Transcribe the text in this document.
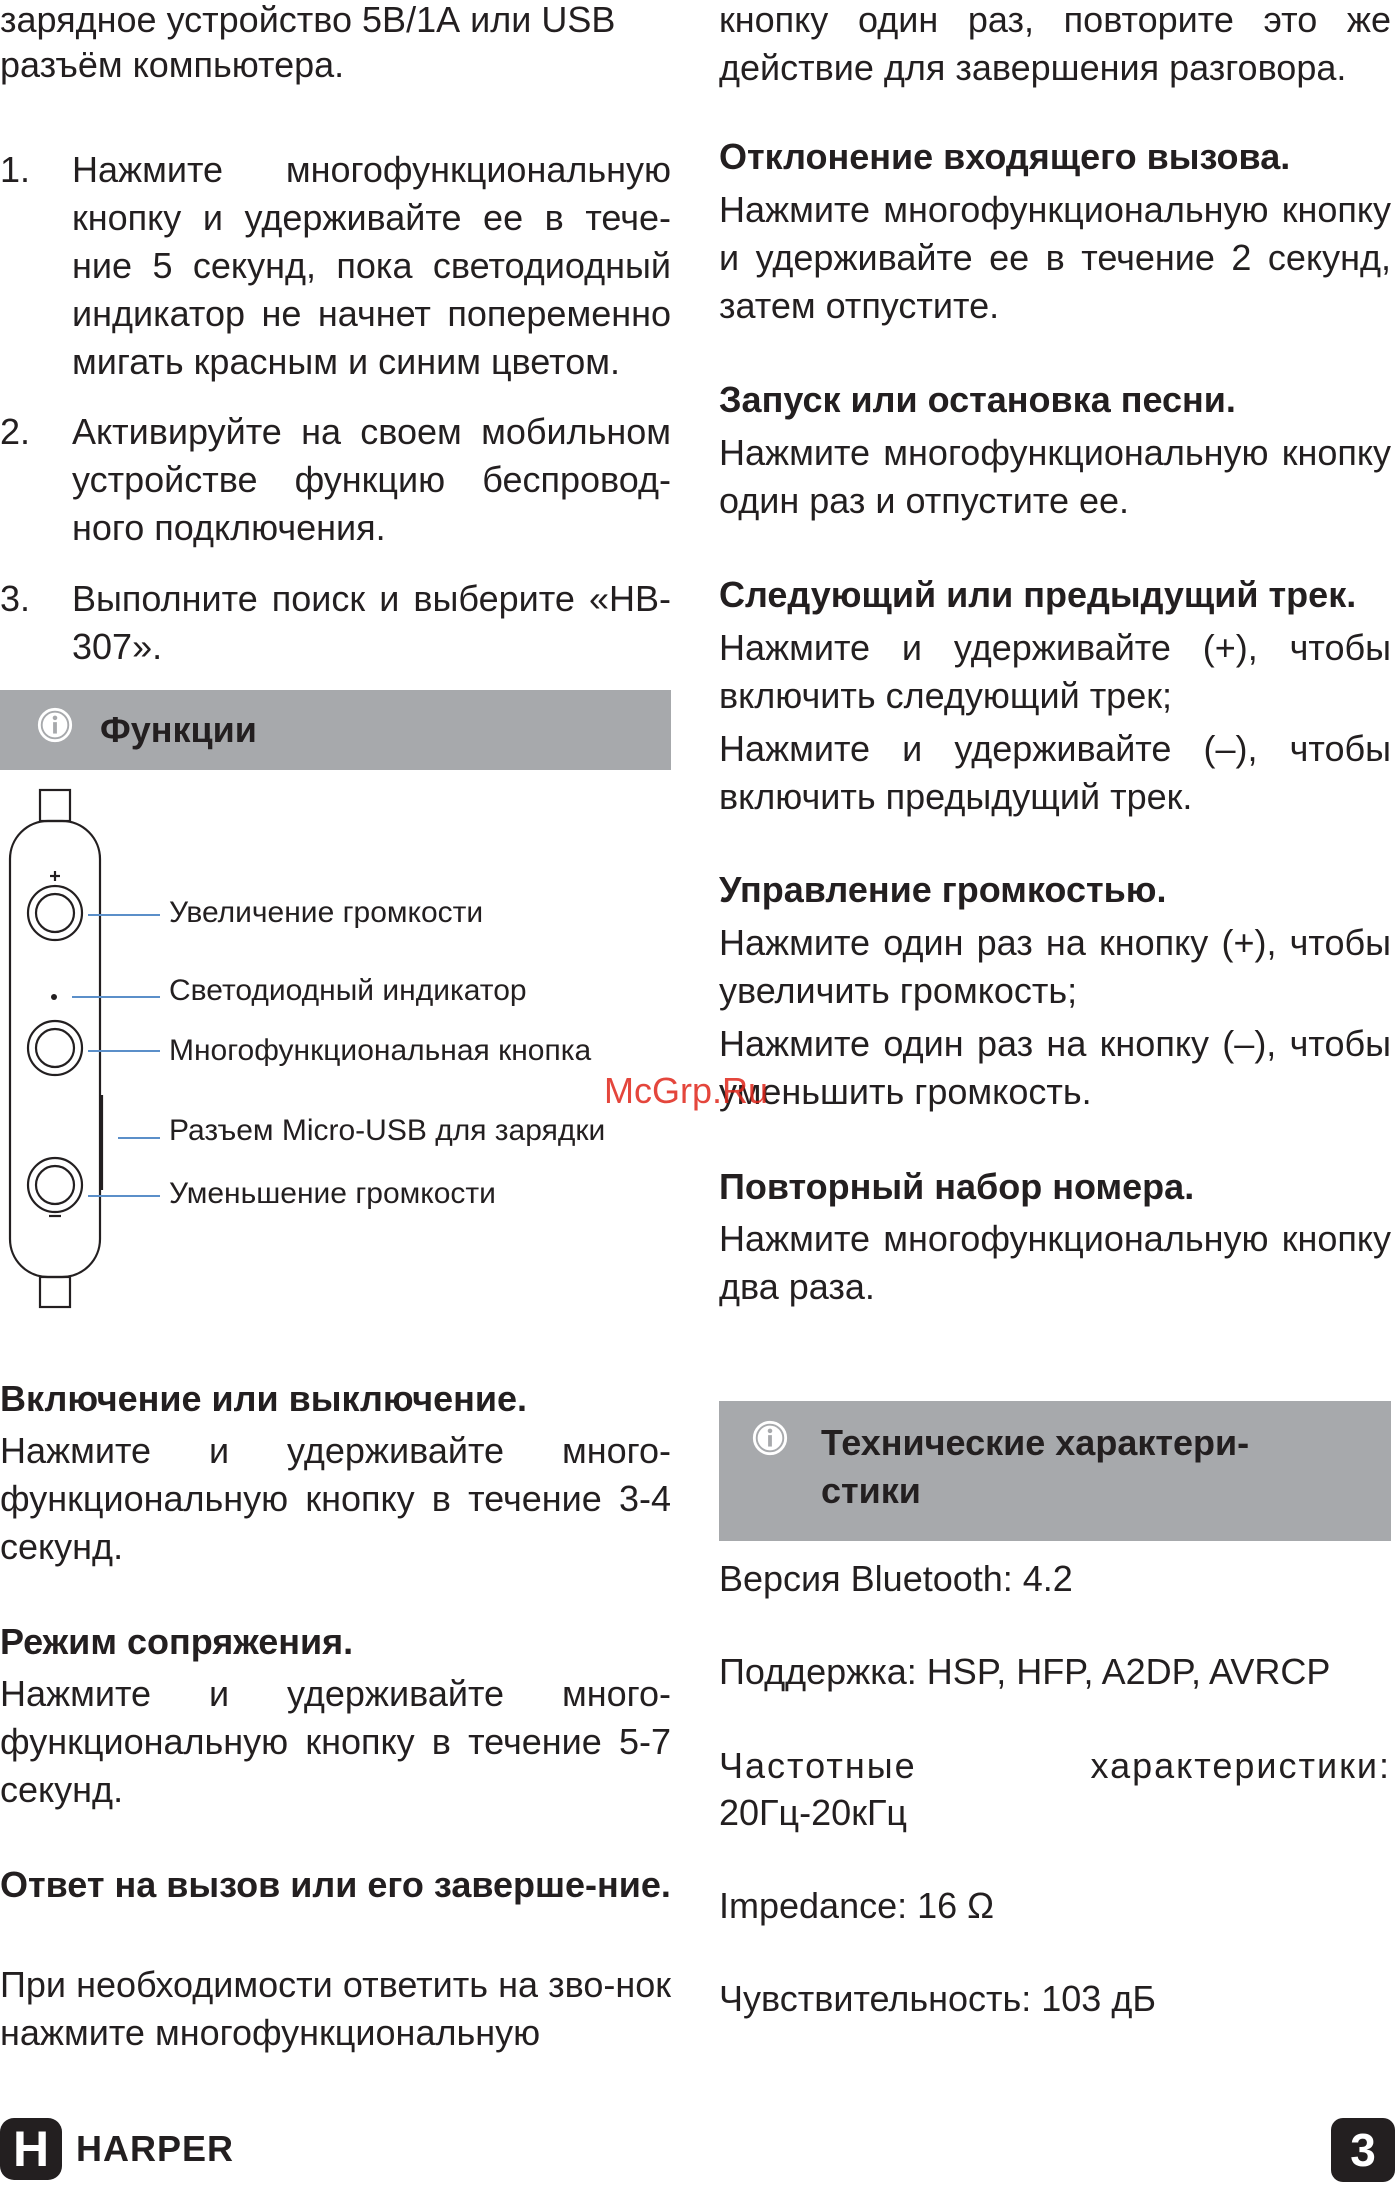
зарядное устройство 5В/1А или USB

разъём компьютера.

1. Нажмите многофункциональную кнопку и удерживайте ее в тече-ние 5 секунд, пока светодиодный индикатор не начнет попеременно мигать красным и синим цветом.

2. Активируйте на своем мобильном устройстве функцию беспровод-ного подключения.

3. Выполните поиск и выберите «HB-307».

Функции
Увеличение громкости
Светодиодный индикатор
Многофункциональная кнопка
Разъем Micro-USB для зарядки
Уменьшение громкости

Включение или выключение.

Нажмите и удерживайте много-функциональную кнопку в течение 3-4 секунд.

Режим сопряжения.

Нажмите и удерживайте много-функциональную кнопку в течение 5-7 секунд.

Ответ на вызов или его заверше-ние.

При необходимости ответить на зво-нок нажмите многофункциональную

кнопку один раз, повторите это же действие для завершения разговора.

Отклонение входящего вызова.

Нажмите многофункциональную кнопку и удерживайте ее в течение 2 секунд, затем отпустите.

Запуск или остановка песни.

Нажмите многофункциональную кнопку один раз и отпустите ее.

Следующий или предыдущий трек.

Нажмите и удерживайте (+), чтобы включить следующий трек;

Нажмите и удерживайте (–), чтобы включить предыдущий трек.

Управление громкостью.

Нажмите один раз на кнопку (+), чтобы увеличить громкость;

Нажмите один раз на кнопку (–), чтобы уменьшить громкость.

Повторный набор номера.

Нажмите многофункциональную кнопку два раза.

Технические характери-стики

Версия Bluetooth: 4.2

Поддержка: HSP, HFP, A2DP, AVRCP

Частотные характеристики:

20Гц-20кГц

Impedance: 16 Ω

Чувствительность: 103 дБ

McGrp.Ru
H HARPER	3
